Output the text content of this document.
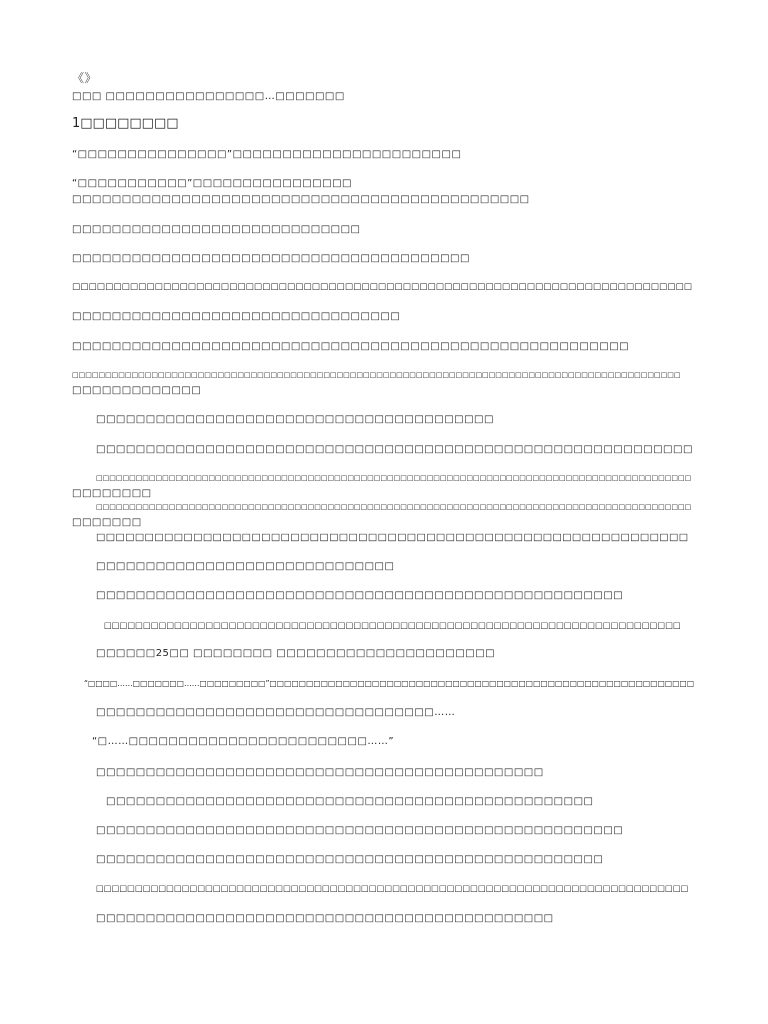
《》

□□□ □□□□□□□□□□□□□□□□…□□□□□□□

1□□□□□□□□

“□□□□□□□□□□□□□□□”□□□□□□□□□□□□□□□□□□□□□□□

“□□□□□□□□□□□”□□□□□□□□□□□□□□□□

□□□□□□□□□□□□□□□□□□□□□□□□□□□□□□□□□□□□□□□□□□□□□□

□□□□□□□□□□□□□□□□□□□□□□□□□□□□□

□□□□□□□□□□□□□□□□□□□□□□□□□□□□□□□□□□□□□□□□

□□□□□□□□□□□□□□□□□□□□□□□□□□□□□□□□□□□□□□□□□□□□□□□□□□□□□□□□□□□□□□□□□□□□□□□□□□□

□□□□□□□□□□□□□□□□□□□□□□□□□□□□□□□□□

□□□□□□□□□□□□□□□□□□□□□□□□□□□□□□□□□□□□□□□□□□□□□□□□□□□□□□□□

□□□□□□□□□□□□□□□□□□□□□□□□□□□□□□□□□□□□□□□□□□□□□□□□□□□□□□□□□□□□□□□□□□□□□□□□□□□□□□□□□□□□□□□□□□□□

□□□□□□□□□□□□□

□□□□□□□□□□□□□□□□□□□□□□□□□□□□□□□□□□□□□□□□

□□□□□□□□□□□□□□□□□□□□□□□□□□□□□□□□□□□□□□□□□□□□□□□□□□□□□□□□□□□□

□□□□□□□□□□□□□□□□□□□□□□□□□□□□□□□□□□□□□□□□□□□□□□□□□□□□□□□□□□□□□□□□□□□□□□□□□□□□□□□□□□□□□□□□□□

□□□□□□□□

□□□□□□□□□□□□□□□□□□□□□□□□□□□□□□□□□□□□□□□□□□□□□□□□□□□□□□□□□□□□□□□□□□□□□□□□□□□□□□□□□□□□□□□□□□

□□□□□□□

□□□□□□□□□□□□□□□□□□□□□□□□□□□□□□□□□□□□□□□□□□□□□□□□□□□□□□□□□□□□□

□□□□□□□□□□□□□□□□□□□□□□□□□□□□□□

□□□□□□□□□□□□□□□□□□□□□□□□□□□□□□□□□□□□□□□□□□□□□□□□□□□□□

□□□□□□□□□□□□□□□□□□□□□□□□□□□□□□□□□□□□□□□□□□□□□□□□□□□□□□□□□□□□□□□□□□□□□□□□□□

□□□□□□25□□ □□□□□□□□ □□□□□□□□□□□□□□□□□□□□□□

“□□□□……□□□□□□□……□□□□□□□□□”□□□□□□□□□□□□□□□□□□□□□□□□□□□□□□□□□□□□□□□□□□□□□□□□□□□□□□□□□□

□□□□□□□□□□□□□□□□□□□□□□□□□□□□□□□□□□……

“□……□□□□□□□□□□□□□□□□□□□□□□□□……”

□□□□□□□□□□□□□□□□□□□□□□□□□□□□□□□□□□□□□□□□□□□□□

□□□□□□□□□□□□□□□□□□□□□□□□□□□□□□□□□□□□□□□□□□□□□□□□□

□□□□□□□□□□□□□□□□□□□□□□□□□□□□□□□□□□□□□□□□□□□□□□□□□□□□□

□□□□□□□□□□□□□□□□□□□□□□□□□□□□□□□□□□□□□□□□□□□□□□□□□□□

□□□□□□□□□□□□□□□□□□□□□□□□□□□□□□□□□□□□□□□□□□□□□□□□□□□□□□□□□□□□□□□□□□□□□□□□□□□□

□□□□□□□□□□□□□□□□□□□□□□□□□□□□□□□□□□□□□□□□□□□□□□
